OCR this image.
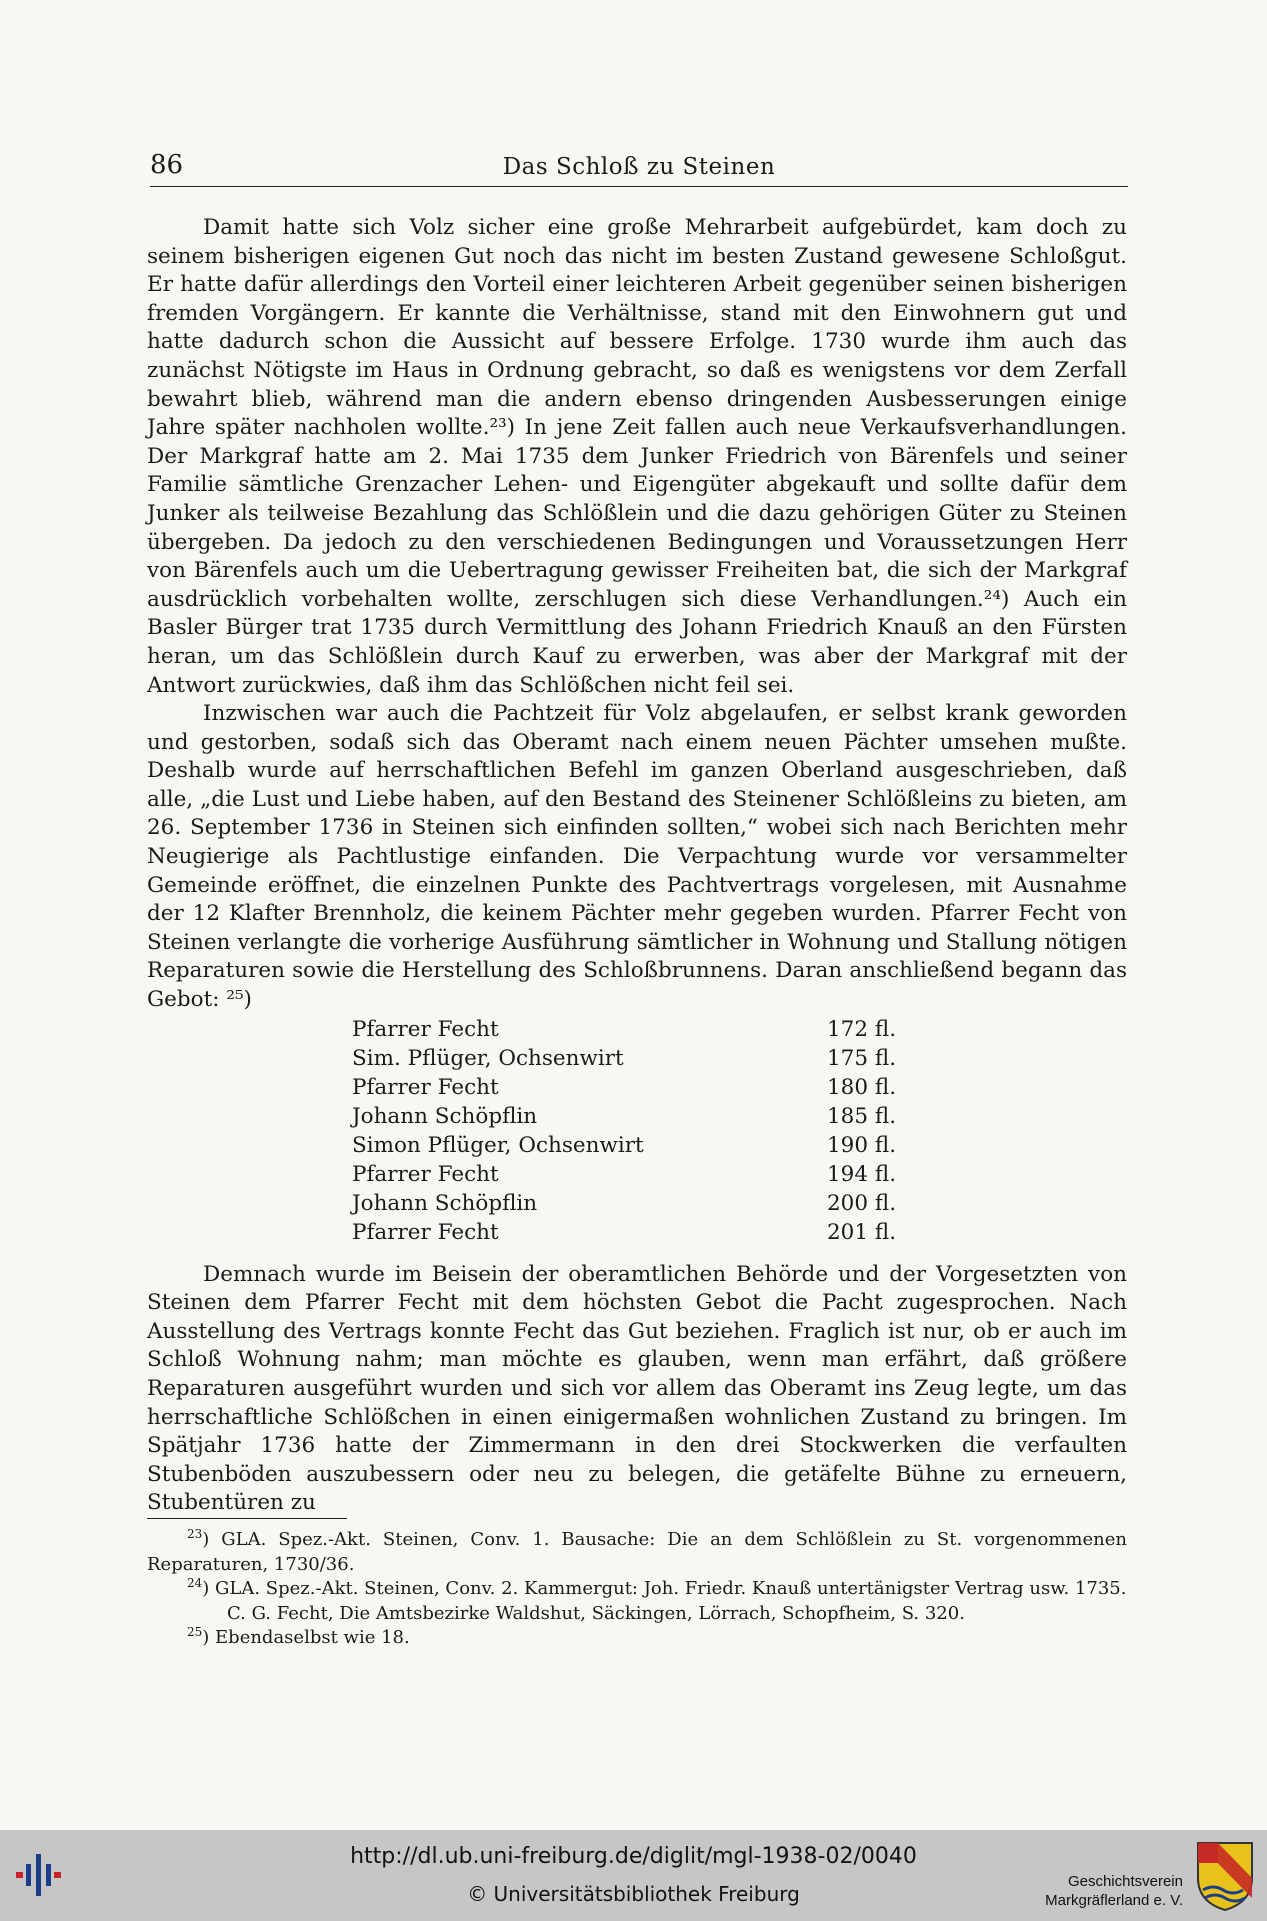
86	Das Schloß zu Steinen

Damit hatte sich Volz sicher eine große Mehrarbeit aufgebürdet, kam doch zu seinem bisherigen eigenen Gut noch das nicht im besten Zustand gewesene Schloßgut. Er hatte dafür allerdings den Vorteil einer leichteren Arbeit gegenüber seinen bisherigen fremden Vorgängern. Er kannte die Verhältnisse, stand mit den Einwohnern gut und hatte dadurch schon die Aussicht auf bessere Erfolge. 1730 wurde ihm auch das zunächst Nötigste im Haus in Ordnung gebracht, so daß es wenigstens vor dem Zerfall bewahrt blieb, während man die andern ebenso dringenden Ausbesserungen einige Jahre später nachholen wollte.²³) In jene Zeit fallen auch neue Verkaufsverhandlungen. Der Markgraf hatte am 2. Mai 1735 dem Junker Friedrich von Bärenfels und seiner Familie sämtliche Grenzacher Lehen- und Eigengüter abgekauft und sollte dafür dem Junker als teilweise Bezahlung das Schlößlein und die dazu gehörigen Güter zu Steinen übergeben. Da jedoch zu den verschiedenen Bedingungen und Voraussetzungen Herr von Bärenfels auch um die Uebertragung gewisser Freiheiten bat, die sich der Markgraf ausdrücklich vorbehalten wollte, zerschlugen sich diese Verhandlungen.²⁴) Auch ein Basler Bürger trat 1735 durch Vermittlung des Johann Friedrich Knauß an den Fürsten heran, um das Schlößlein durch Kauf zu erwerben, was aber der Markgraf mit der Antwort zurückwies, daß ihm das Schlößchen nicht feil sei.

Inzwischen war auch die Pachtzeit für Volz abgelaufen, er selbst krank geworden und gestorben, sodaß sich das Oberamt nach einem neuen Pächter umsehen mußte. Deshalb wurde auf herrschaftlichen Befehl im ganzen Oberland ausgeschrieben, daß alle, „die Lust und Liebe haben, auf den Bestand des Steinener Schlößleins zu bieten, am 26. September 1736 in Steinen sich einfinden sollten,“ wobei sich nach Berichten mehr Neugierige als Pachtlustige einfanden. Die Verpachtung wurde vor versammelter Gemeinde eröffnet, die einzelnen Punkte des Pachtvertrags vorgelesen, mit Ausnahme der 12 Klafter Brennholz, die keinem Pächter mehr gegeben wurden. Pfarrer Fecht von Steinen verlangte die vorherige Ausführung sämtlicher in Wohnung und Stallung nötigen Reparaturen sowie die Herstellung des Schloßbrunnens. Daran anschließend begann das Gebot: ²⁵)

Pfarrer Fecht	172 fl.
Sim. Pflüger, Ochsenwirt	175 fl.
Pfarrer Fecht	180 fl.
Johann Schöpflin	185 fl.
Simon Pflüger, Ochsenwirt	190 fl.
Pfarrer Fecht	194 fl.
Johann Schöpflin	200 fl.
Pfarrer Fecht	201 fl.

Demnach wurde im Beisein der oberamtlichen Behörde und der Vorgesetzten von Steinen dem Pfarrer Fecht mit dem höchsten Gebot die Pacht zugesprochen. Nach Ausstellung des Vertrags konnte Fecht das Gut beziehen. Fraglich ist nur, ob er auch im Schloß Wohnung nahm; man möchte es glauben, wenn man erfährt, daß größere Reparaturen ausgeführt wurden und sich vor allem das Oberamt ins Zeug legte, um das herrschaftliche Schlößchen in einen einigermaßen wohnlichen Zustand zu bringen. Im Spätjahr 1736 hatte der Zimmermann in den drei Stockwerken die verfaulten Stubenböden auszubessern oder neu zu belegen, die getäfelte Bühne zu erneuern, Stubentüren zu

$^{23}$) GLA. Spez.-Akt. Steinen, Conv. 1. Bausache: Die an dem Schlößlein zu St. vorgenommenen Reparaturen, 1730/36.

$^{24}$) GLA. Spez.-Akt. Steinen, Conv. 2. Kammergut: Joh. Friedr. Knauß untertänigster Vertrag usw. 1735.

C. G. Fecht, Die Amtsbezirke Waldshut, Säckingen, Lörrach, Schopfheim, S. 320.

$^{25}$) Ebendaselbst wie 18.

http://dl.ub.uni-freiburg.de/diglit/mgl-1938-02/0040
© Universitätsbibliothek Freiburg
Geschichtsverein
Markgräflerland e. V.
